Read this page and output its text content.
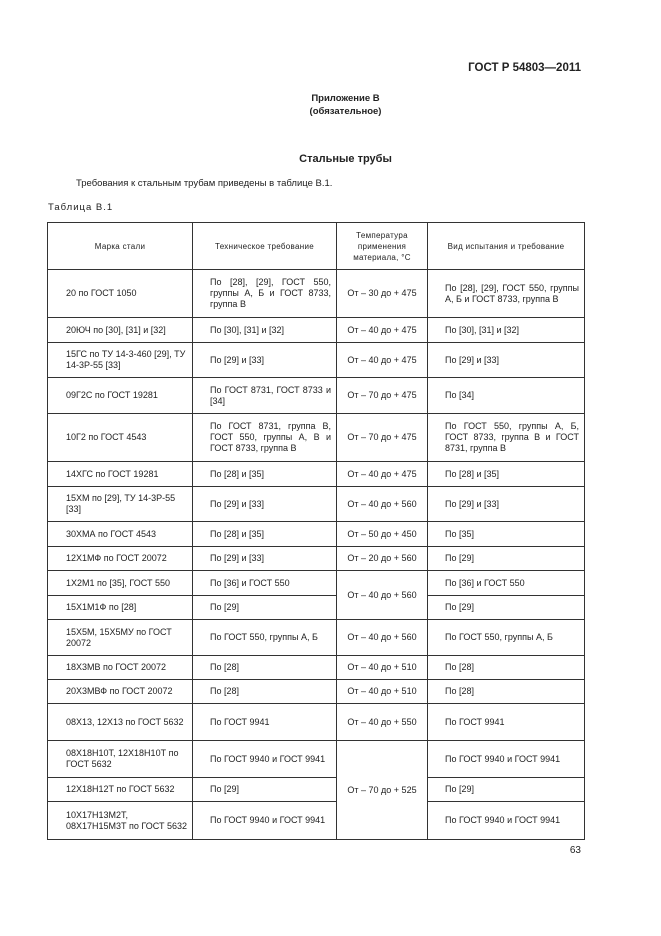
ГОСТ Р 54803—2011
Приложение В
(обязательное)
Стальные трубы
Требования к стальным трубам приведены в таблице В.1.
Таблица В.1
Марка стали	Техническое требование	Температура применения материала, °С	Вид испытания и требование

20 по ГОСТ 1050	По [28], [29], ГОСТ 550, группы А, Б и ГОСТ 8733, группа В	От – 30 до + 475	По [28], [29], ГОСТ 550, группы А, Б и ГОСТ 8733, группа В

20ЮЧ по [30], [31] и [32]	По [30], [31] и [32]	От – 40 до + 475	По [30], [31] и [32]

15ГС по ТУ 14-3-460 [29], ТУ 14-3Р-55 [33]	По [29] и [33]	От – 40 до + 475	По [29] и [33]

09Г2С по ГОСТ 19281	По ГОСТ 8731, ГОСТ 8733 и [34]	От – 70 до + 475	По [34]

10Г2 по ГОСТ 4543	По ГОСТ 8731, группа В, ГОСТ 550, группы А, В и ГОСТ 8733, группа В	От – 70 до + 475	По ГОСТ 550, группы А, Б, ГОСТ 8733, группа В и ГОСТ 8731, группа В

14ХГС по ГОСТ 19281	По [28] и [35]	От – 40 до + 475	По [28] и [35]

15ХМ по [29], ТУ 14-3Р-55 [33]	По [29] и [33]	От – 40 до + 560	По [29] и [33]

30ХМА по ГОСТ 4543	По [28] и [35]	От – 50 до + 450	По [35]

12Х1МФ по ГОСТ 20072	По [29] и [33]	От – 20 до + 560	По [29]

1Х2М1 по [35], ГОСТ 550	По [36] и ГОСТ 550	От – 40 до + 560	По [36] и ГОСТ 550

15Х1М1Ф по [28]	По [29]		По [29]

15Х5М, 15Х5МУ по ГОСТ 20072	По ГОСТ 550, группы А, Б	От – 40 до + 560	По ГОСТ 550, группы А, Б

18Х3МВ по ГОСТ 20072	По [28]	От – 40 до + 510	По [28]

20Х3МВФ по ГОСТ 20072	По [28]	От – 40 до + 510	По [28]

08Х13, 12Х13 по ГОСТ 5632	По ГОСТ 9941	От – 40 до + 550	По ГОСТ 9941

08Х18Н10Т, 12Х18Н10Т по ГОСТ 5632	По ГОСТ 9940 и ГОСТ 9941	От – 70 до + 525	По ГОСТ 9940 и ГОСТ 9941

12Х18Н12Т по ГОСТ 5632	По [29]		По [29]

10Х17Н13М2Т, 08Х17Н15М3Т по ГОСТ 5632	По ГОСТ 9940 и ГОСТ 9941		По ГОСТ 9940 и ГОСТ 9941
63
